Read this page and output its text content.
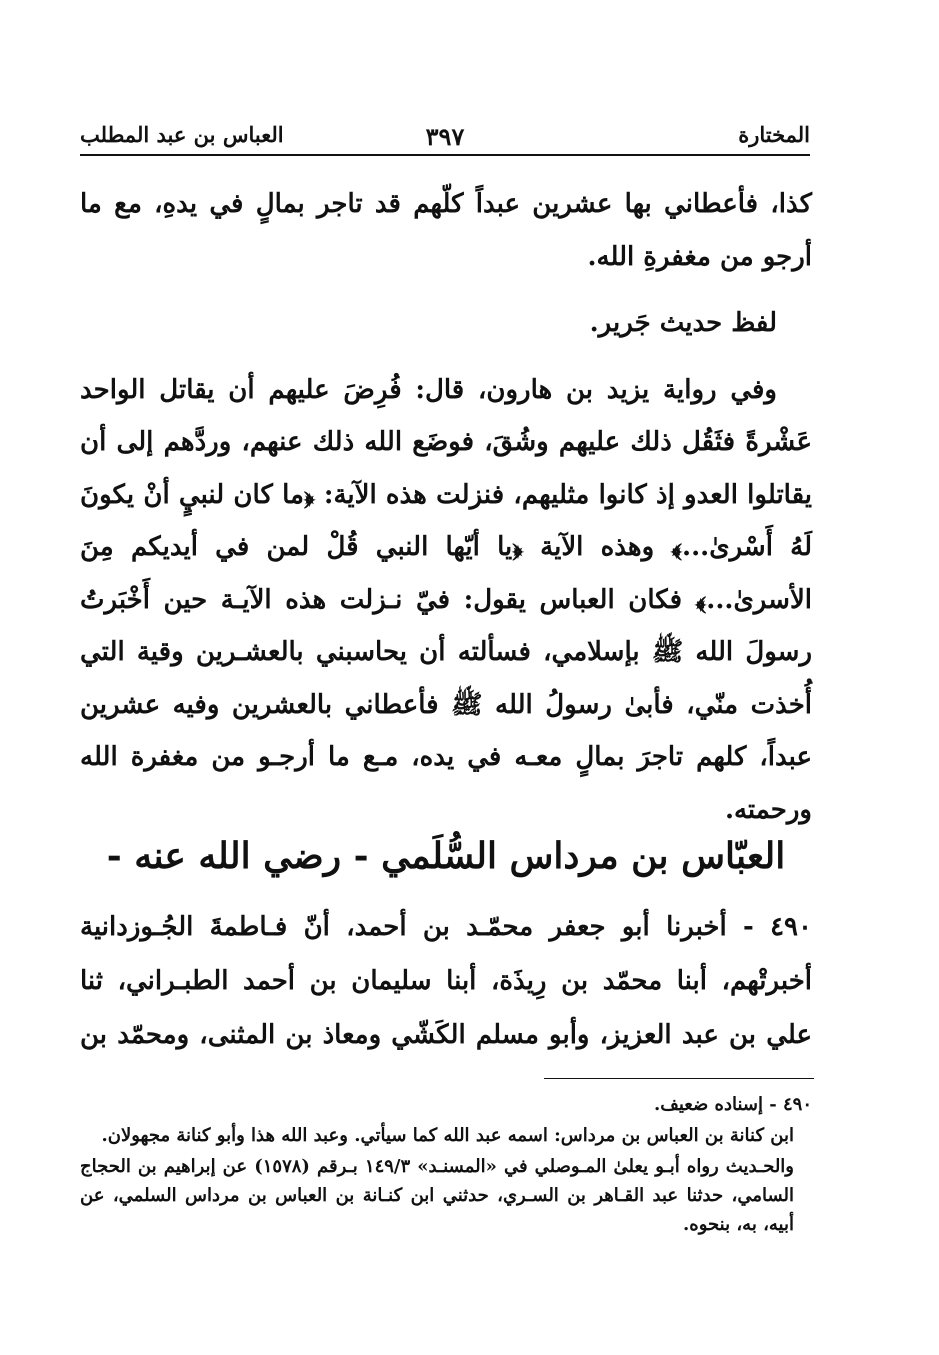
المختارة
٣٩٧
العباس بن عبد المطلب

كذا، فأعطاني بها عشرين عبداً كلّهم قد تاجر بمالٍ في يدهِ، مع ما أرجو من مغفرةِ الله.

لفظ حديث جَرير.

وفي رواية يزيد بن هارون، قال: فُرِضَ عليهم أن يقاتل الواحد عَشْرةً فثَقُل ذلك عليهم وشُقَ، فوضَع الله ذلك عنهم، وردَّهم إلى أن يقاتلوا العدو إذ كانوا مثليهم، فنزلت هذه الآية: ﴿ما كان لنبيٍ أنْ يكونَ لَهُ أَسْرىٰ...﴾ وهذه الآية ﴿يا أيّها النبي قُلْ لمن في أيديكم مِنَ الأسرىٰ...﴾ فكان العباس يقول: فيّ نـزلت هذه الآيـة حين أَخْبَرتُ رسولَ الله ﷺ بإسلامي، فسألته أن يحاسبني بالعشـرين وقية التي أُخذت منّي، فأبىٰ رسولُ الله ﷺ فأعطاني بالعشرين وفيه عشرين عبداً، كلهم تاجرَ بمالٍ معـه في يده، مـع ما أرجـو من مغفرة الله ورحمته.

العبّاس بن مرداس السُّلَمي - رضي الله عنه -
٤٩٠ - أخبرنا أبو جعفر محمّـد بن أحمد، أنّ فـاطمةَ الجُـوزدانية
أخبرتْهم، أبنا محمّد بن رِيذَة، أبنا سليمان بن أحمد الطبـراني، ثنا
علي بن عبد العزيز، وأبو مسلم الكَشّي ومعاذ بن المثنى، ومحمّد بن

٤٩٠ - إسناده ضعيف.

ابن كنانة بن العباس بن مرداس: اسمه عبد الله كما سيأتي. وعبد الله هذا وأبو كنانة مجهولان.

والحـديث رواه أبـو يعلىٰ المـوصلي في «المسنـد» ١٤٩/٣ بـرقم (١٥٧٨) عن إبراهيم بن الحجاج السامي، حدثنا عبد القـاهر بن السـري، حدثني ابن كنـانة بن العباس بن مرداس السلمي، عن أبيه، به، بنحوه.
